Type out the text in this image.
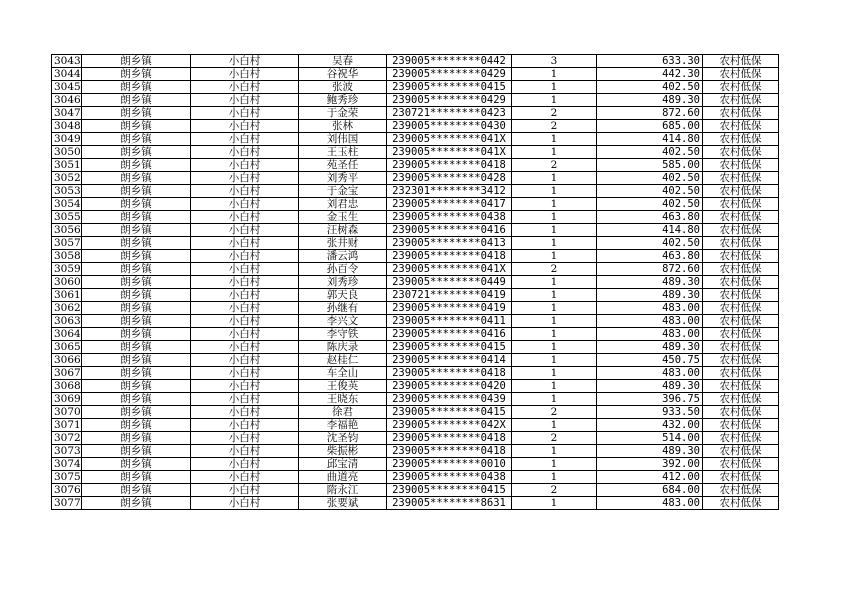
3043	朗乡镇	小白村	吴春	239005********0442	3	633.30	农村低保
3044	朗乡镇	小白村	谷祝华	239005********0429	1	442.30	农村低保
3045	朗乡镇	小白村	张波	239005********0415	1	402.50	农村低保
3046	朗乡镇	小白村	鲍秀珍	239005********0429	1	489.30	农村低保
3047	朗乡镇	小白村	于金荣	230721********0423	2	872.60	农村低保
3048	朗乡镇	小白村	张林	239005********0430	2	685.00	农村低保
3049	朗乡镇	小白村	刘伟国	239005********041X	1	414.80	农村低保
3050	朗乡镇	小白村	王玉柱	239005********041X	1	402.50	农村低保
3051	朗乡镇	小白村	苑圣任	239005********0418	2	585.00	农村低保
3052	朗乡镇	小白村	刘秀平	239005********0428	1	402.50	农村低保
3053	朗乡镇	小白村	于金宝	232301********3412	1	402.50	农村低保
3054	朗乡镇	小白村	刘君忠	239005********0417	1	402.50	农村低保
3055	朗乡镇	小白村	金玉生	239005********0438	1	463.80	农村低保
3056	朗乡镇	小白村	汪树森	239005********0416	1	414.80	农村低保
3057	朗乡镇	小白村	张井财	239005********0413	1	402.50	农村低保
3058	朗乡镇	小白村	潘云鸿	239005********0418	1	463.80	农村低保
3059	朗乡镇	小白村	孙百令	239005********041X	2	872.60	农村低保
3060	朗乡镇	小白村	刘秀珍	239005********0449	1	489.30	农村低保
3061	朗乡镇	小白村	郭天良	230721********0419	1	489.30	农村低保
3062	朗乡镇	小白村	孙继有	239005********0419	1	483.00	农村低保
3063	朗乡镇	小白村	李兴文	239005********0411	1	483.00	农村低保
3064	朗乡镇	小白村	李守铁	239005********0416	1	483.00	农村低保
3065	朗乡镇	小白村	陈庆录	239005********0415	1	489.30	农村低保
3066	朗乡镇	小白村	赵桂仁	239005********0414	1	450.75	农村低保
3067	朗乡镇	小白村	车全山	239005********0418	1	483.00	农村低保
3068	朗乡镇	小白村	王俊英	239005********0420	1	489.30	农村低保
3069	朗乡镇	小白村	王晓东	239005********0439	1	396.75	农村低保
3070	朗乡镇	小白村	徐君	239005********0415	2	933.50	农村低保
3071	朗乡镇	小白村	李福艳	239005********042X	1	432.00	农村低保
3072	朗乡镇	小白村	沈圣钧	239005********0418	2	514.00	农村低保
3073	朗乡镇	小白村	柴振彬	239005********0418	1	489.30	农村低保
3074	朗乡镇	小白村	邱宝清	239005********0010	1	392.00	农村低保
3075	朗乡镇	小白村	曲道亮	239005********0438	1	412.00	农村低保
3076	朗乡镇	小白村	隋永江	239005********0415	2	684.00	农村低保
3077	朗乡镇	小白村	张要斌	239005********8631	1	483.00	农村低保
